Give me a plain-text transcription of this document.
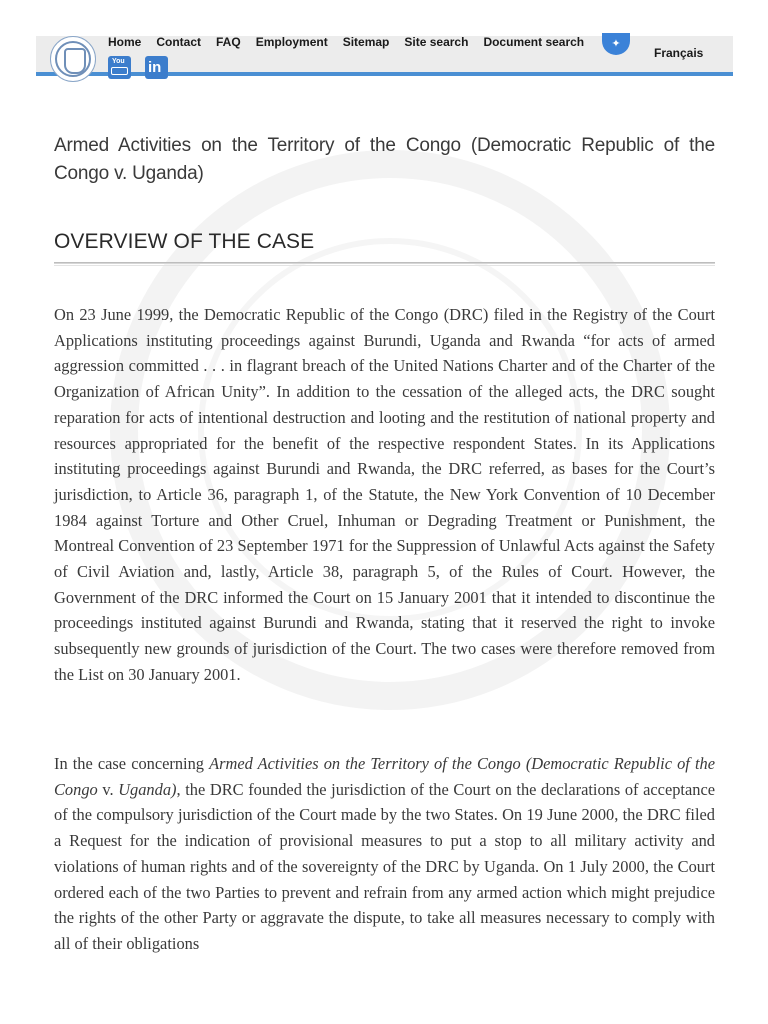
Home Contact FAQ Employment Sitemap Site search Document search ✦
Français
You in
Armed Activities on the Territory of the Congo (Democratic Republic of the Congo v. Uganda)
OVERVIEW OF THE CASE

On 23 June 1999, the Democratic Republic of the Congo (DRC) filed in the Registry of the Court Applications instituting proceedings against Burundi, Uganda and Rwanda “for acts of armed aggression committed . . . in flagrant breach of the United Nations Charter and of the Charter of the Organization of African Unity”. In addition to the cessation of the alleged acts, the DRC sought reparation for acts of intentional destruction and looting and the restitution of national property and resources appropriated for the benefit of the respective respondent States. In its Applications instituting proceedings against Burundi and Rwanda, the DRC referred, as bases for the Court’s jurisdiction, to Article 36, paragraph 1, of the Statute, the New York Convention of 10 December 1984 against Torture and Other Cruel, Inhuman or Degrading Treatment or Punishment, the Montreal Convention of 23 September 1971 for the Suppression of Unlawful Acts against the Safety of Civil Aviation and, lastly, Article 38, paragraph 5, of the Rules of Court. However, the Government of the DRC informed the Court on 15 January 2001 that it intended to discontinue the proceedings instituted against Burundi and Rwanda, stating that it reserved the right to invoke subsequently new grounds of jurisdiction of the Court. The two cases were therefore removed from the List on 30 January 2001.

In the case concerning Armed Activities on the Territory of the Congo (Democratic Republic of the Congo v. Uganda), the DRC founded the jurisdiction of the Court on the declarations of acceptance of the compulsory jurisdiction of the Court made by the two States. On 19 June 2000, the DRC filed a Request for the indication of provisional measures to put a stop to all military activity and violations of human rights and of the sovereignty of the DRC by Uganda. On 1 July 2000, the Court ordered each of the two Parties to prevent and refrain from any armed action which might prejudice the rights of the other Party or aggravate the dispute, to take all measures necessary to comply with all of their obligations
